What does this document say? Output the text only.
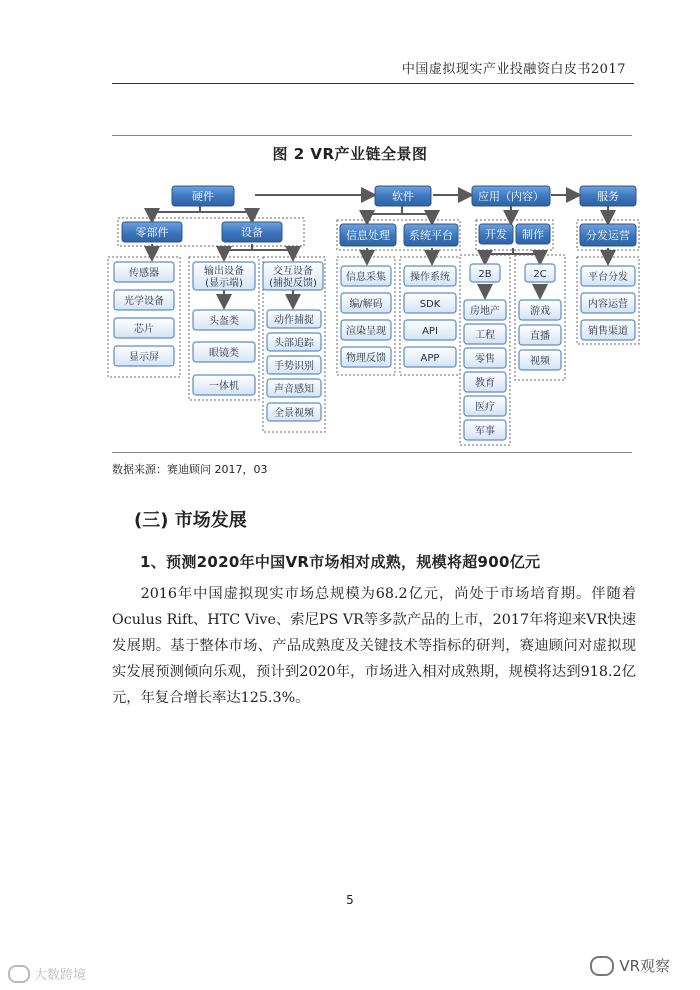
中国虚拟现实产业投融资白皮书2017
图 2 VR产业链全景图
硬件	软件	应用（内容）	服务
零部件	设备	信息处理 系统平台	开发 制作	分发运营
传感器
光学设备
芯片
显示屏
输出设备(显示端)
交互设备(捕捉反馈)
头盔类
眼镜类
一体机
动作捕捉
头部追踪
手势识别
声音感知
全景视频
信息采集
编/解码
渲染呈现
物理反馈
操作系统
SDK
API
APP
2B	2C
房地产
工程
零售
教育
医疗
军事
游戏
直播
视频
平台分发
内容运营
销售渠道
数据来源：赛迪顾问 2017，03
(三) 市场发展
1、预测2020年中国VR市场相对成熟，规模将超900亿元
2016年中国虚拟现实市场总规模为68.2亿元，尚处于市场培育期。伴随着Oculus Rift、HTC Vive、索尼PS VR等多款产品的上市，2017年将迎来VR快速发展期。基于整体市场、产品成熟度及关键技术等指标的研判，赛迪顾问对虚拟现实发展预测倾向乐观，预计到2020年，市场进入相对成熟期，规模将达到918.2亿元，年复合增长率达125.3%。
5
大数跨境
VR观察
